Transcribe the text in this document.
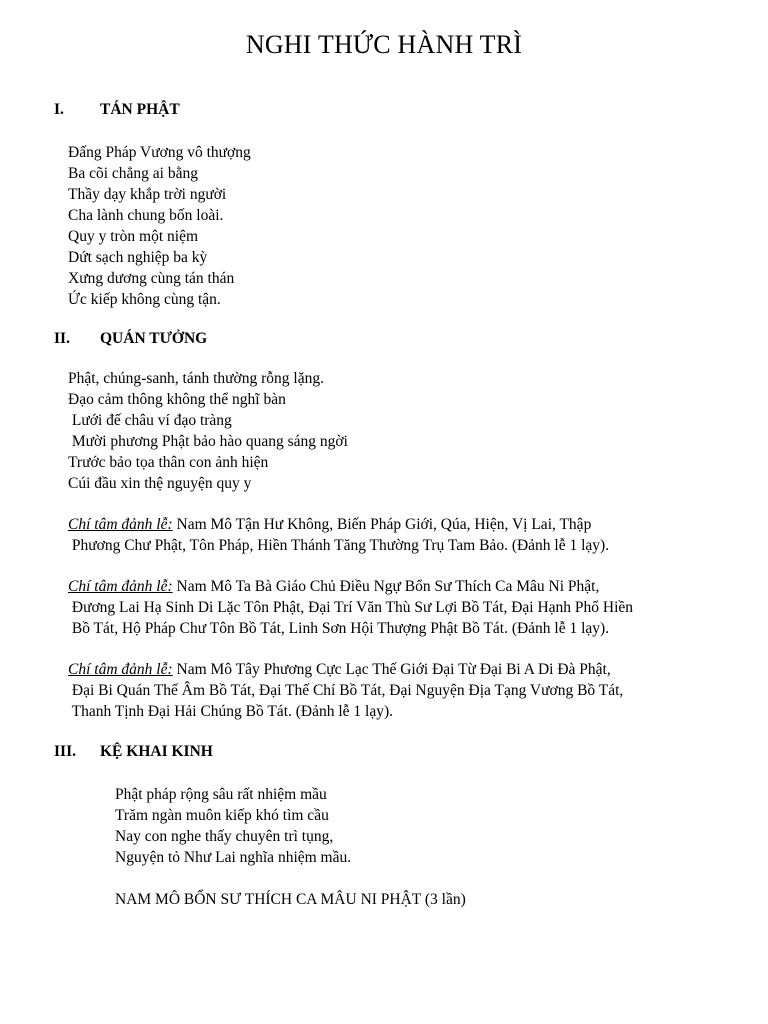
NGHI THỨC HÀNH TRÌ
I. TÁN PHẬT
Đấng Pháp Vương vô thượng
Ba cõi chẳng ai bằng
Thầy dạy khắp trời người
Cha lành chung bốn loài.
Quy y tròn một niệm
Dứt sạch nghiệp ba kỳ
Xưng dương cùng tán thán
Ức kiếp không cùng tận.
II. QUÁN TƯỞNG
Phật, chúng-sanh, tánh thường rỗng lặng.
Đạo cảm thông không thể nghĩ bàn
Lưới đế châu ví đạo tràng
Mười phương Phật bảo hào quang sáng ngời
Trước bảo tọa thân con ảnh hiện
Cúi đầu xin thệ nguyện quy y
Chí tâm đảnh lễ: Nam Mô Tận Hư Không, Biến Pháp Giới, Qúa, Hiện, Vị Lai, Thập
Phương Chư Phật, Tôn Pháp, Hiền Thánh Tăng Thường Trụ Tam Bảo. (Đảnh lễ 1 lạy).
Chí tâm đảnh lễ: Nam Mô Ta Bà Giáo Chủ Điều Ngự Bổn Sư Thích Ca Mâu Ni Phật,
Đương Lai Hạ Sinh Di Lặc Tôn Phật, Đại Trí Văn Thù Sư Lợi Bồ Tát, Đại Hạnh Phổ Hiền
Bồ Tát, Hộ Pháp Chư Tôn Bồ Tát, Linh Sơn Hội Thượng Phật Bồ Tát. (Đảnh lễ 1 lạy).
Chí tâm đảnh lễ: Nam Mô Tây Phương Cực Lạc Thế Giới Đại Từ Đại Bi A Di Đà Phật,
Đại Bi Quán Thế Âm Bồ Tát, Đại Thế Chí Bồ Tát, Đại Nguyện Địa Tạng Vương Bồ Tát,
Thanh Tịnh Đại Hải Chúng Bồ Tát. (Đảnh lễ 1 lạy).
III. KỆ KHAI KINH
Phật pháp rộng sâu rất nhiệm mầu
Trăm ngàn muôn kiếp khó tìm cầu
Nay con nghe thấy chuyên trì tụng,
Nguyện tỏ Như Lai nghĩa nhiệm mầu.
NAM MÔ BỔN SƯ THÍCH CA MÂU NI PHẬT (3 lần)
